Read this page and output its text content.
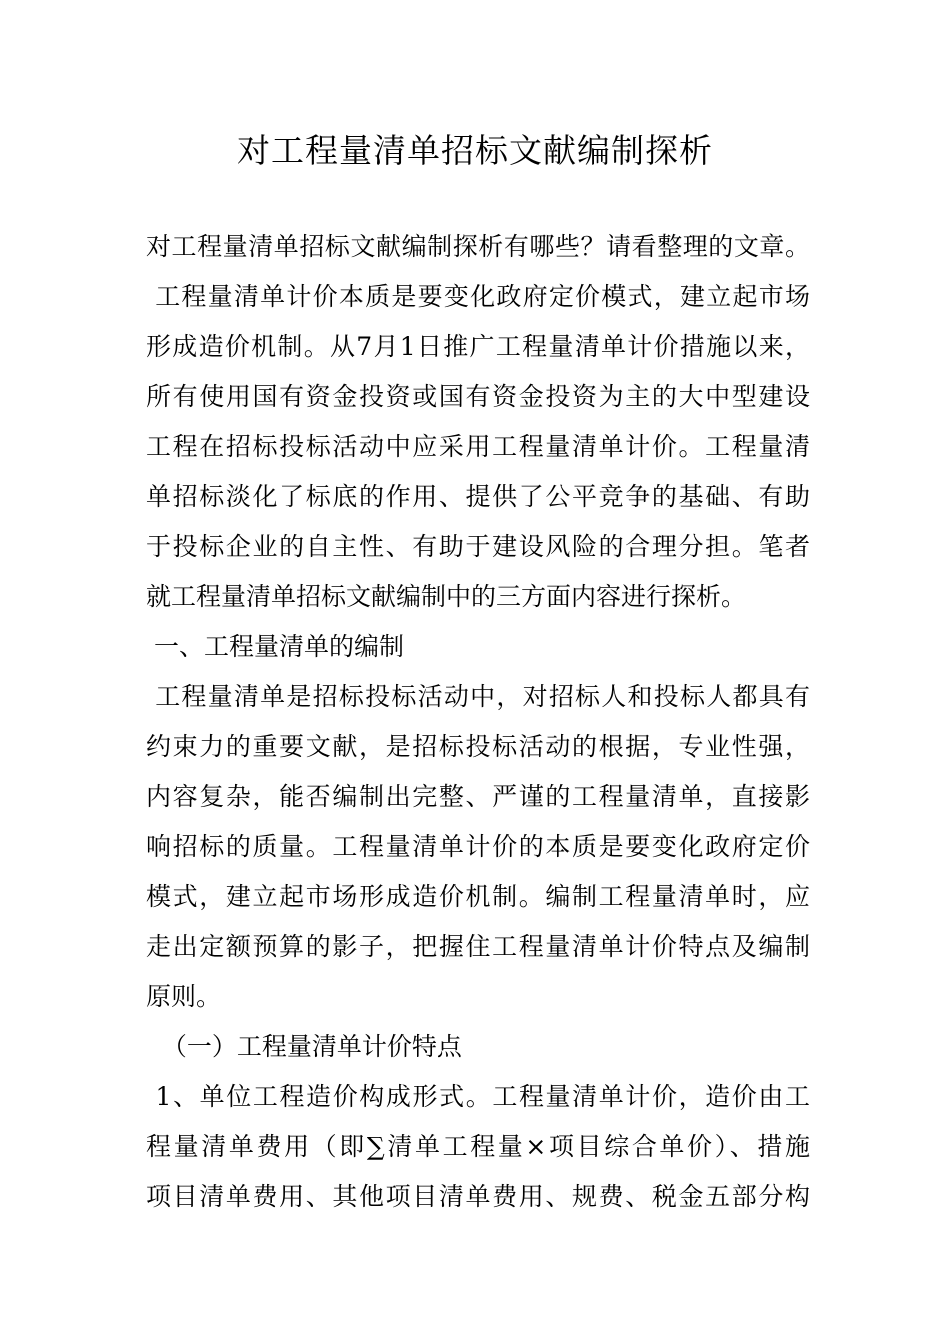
对工程量清单招标文献编制探析
对工程量清单招标文献编制探析有哪些？请看整理的文章。
工程量清单计价本质是要变化政府定价模式，建立起市场
形成造价机制。从7月1日推广工程量清单计价措施以来，
所有使用国有资金投资或国有资金投资为主的大中型建设
工程在招标投标活动中应采用工程量清单计价。工程量清
单招标淡化了标底的作用、提供了公平竞争的基础、有助
于投标企业的自主性、有助于建设风险的合理分担。笔者
就工程量清单招标文献编制中的三方面内容进行探析。
一、工程量清单的编制
工程量清单是招标投标活动中，对招标人和投标人都具有
约束力的重要文献，是招标投标活动的根据，专业性强，
内容复杂，能否编制出完整、严谨的工程量清单，直接影
响招标的质量。工程量清单计价的本质是要变化政府定价
模式，建立起市场形成造价机制。编制工程量清单时，应
走出定额预算的影子，把握住工程量清单计价特点及编制
原则。
（一）工程量清单计价特点
1、单位工程造价构成形式。工程量清单计价，造价由工
程量清单费用（即∑清单工程量×项目综合单价）、措施
项目清单费用、其他项目清单费用、规费、税金五部分构
